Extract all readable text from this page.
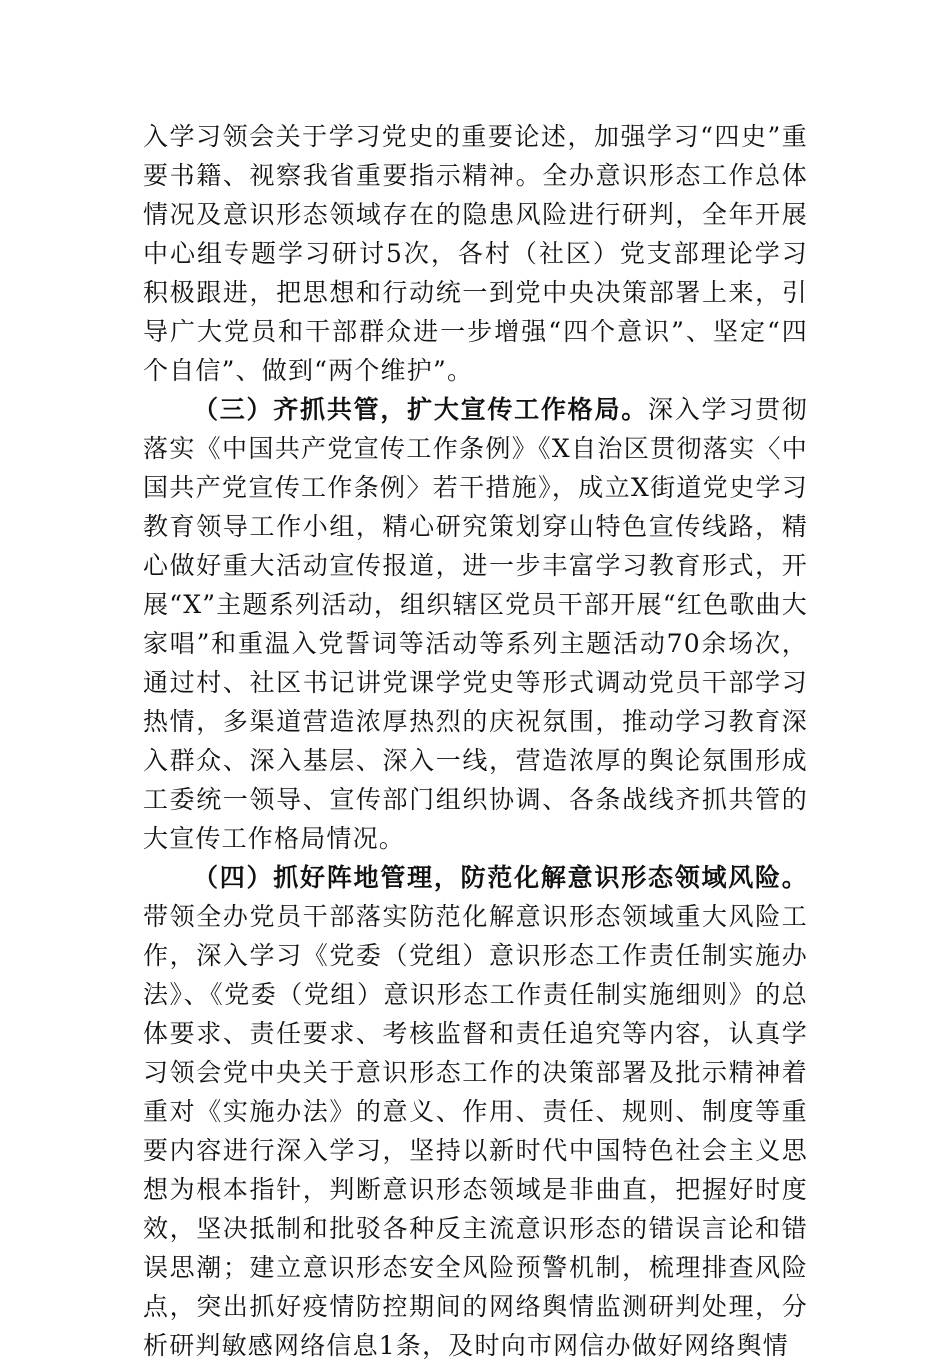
入学习领会关于学习党史的重要论述，加强学习“四史”重要书籍、视察我省重要指示精神。全办意识形态工作总体情况及意识形态领域存在的隐患风险进行研判，全年开展中心组专题学习研讨5次，各村（社区）党支部理论学习积极跟进，把思想和行动统一到党中央决策部署上来，引导广大党员和干部群众进一步增强“四个意识”、坚定“四个自信”、做到“两个维护”。

（三）齐抓共管，扩大宣传工作格局。深入学习贯彻落实《中国共产党宣传工作条例》《X自治区贯彻落实〈中国共产党宣传工作条例〉若干措施》，成立X街道党史学习教育领导工作小组，精心研究策划穿山特色宣传线路，精心做好重大活动宣传报道，进一步丰富学习教育形式，开展“X”主题系列活动，组织辖区党员干部开展“红色歌曲大家唱”和重温入党誓词等活动等系列主题活动70余场次，通过村、社区书记讲党课学党史等形式调动党员干部学习热情，多渠道营造浓厚热烈的庆祝氛围，推动学习教育深入群众、深入基层、深入一线，营造浓厚的舆论氛围形成工委统一领导、宣传部门组织协调、各条战线齐抓共管的大宣传工作格局情况。

（四）抓好阵地管理，防范化解意识形态领域风险。带领全办党员干部落实防范化解意识形态领域重大风险工作，深入学习《党委（党组）意识形态工作责任制实施办法》、《党委（党组）意识形态工作责任制实施细则》的总体要求、责任要求、考核监督和责任追究等内容，认真学习领会党中央关于意识形态工作的决策部署及批示精神着重对《实施办法》的意义、作用、责任、规则、制度等重要内容进行深入学习，坚持以新时代中国特色社会主义思想为根本指针，判断意识形态领域是非曲直，把握好时度效，坚决抵制和批驳各种反主流意识形态的错误言论和错误思潮；建立意识形态安全风险预警机制，梳理排查风险点，突出抓好疫情防控期间的网络舆情监测研判处理，分析研判敏感网络信息1条，及时向市网信办做好网络舆情
